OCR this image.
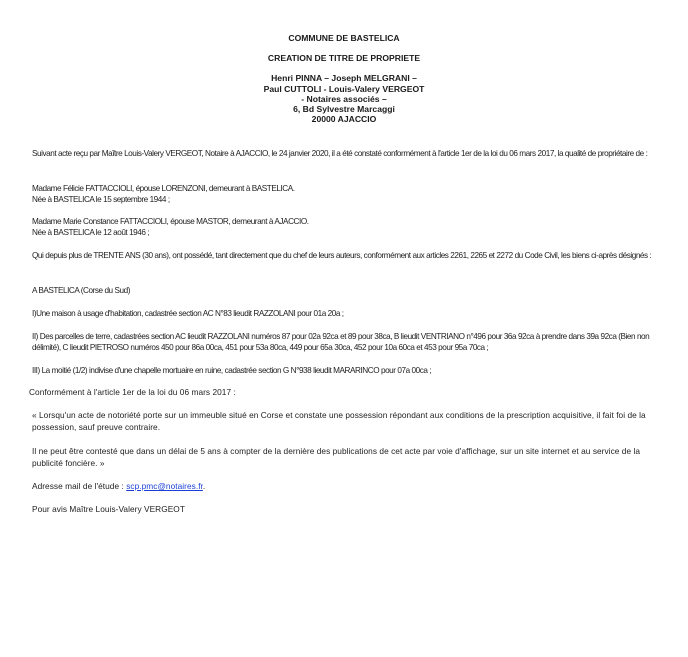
COMMUNE DE BASTELICA
CREATION DE TITRE DE PROPRIETE
Henri PINNA – Joseph MELGRANI –
Paul CUTTOLI - Louis-Valery VERGEOT
- Notaires associés –
6, Bd Sylvestre Marcaggi
20000 AJACCIO
Suivant acte reçu par Maître Louis-Valery VERGEOT, Notaire à AJACCIO, le 24 janvier 2020, il a été constaté conformément à l'article 1er de la loi du 06 mars 2017, la qualité de propriétaire de :
Madame Félicie FATTACCIOLI, épouse LORENZONI, demeurant à BASTELICA.
Née à BASTELICA le 15 septembre 1944 ;
Madame Marie Constance FATTACCIOLI, épouse MASTOR, demeurant à AJACCIO.
Née à BASTELICA le 12 août 1946 ;
Qui depuis plus de TRENTE ANS (30 ans), ont possédé, tant directement que du chef de leurs auteurs, conformément aux articles 2261, 2265 et 2272 du Code Civil, les biens ci-après désignés :
A BASTELICA (Corse du Sud)
I)Une maison à usage d'habitation, cadastrée section AC N°83 lieudit RAZZOLANI pour 01a 20a ;
II) Des parcelles de terre, cadastrées section AC lieudit RAZZOLANI numéros 87 pour 02a 92ca et 89 pour 38ca, B lieudit VENTRIANO n°496 pour 36a 92ca à prendre dans 39a 92ca (Bien non délimité), C lieudit PIETROSO numéros 450 pour 86a 00ca, 451 pour 53a 80ca, 449 pour 65a 30ca, 452 pour 10a 60ca et 453 pour 95a 70ca ;
III) La moitié (1/2) indivise d'une chapelle mortuaire en ruine, cadastrée section G N°938 lieudit MARARINCO pour 07a 00ca ;
Conformément à l'article 1er de la loi du 06 mars 2017 :
« Lorsqu'un acte de notoriété porte sur un immeuble situé en Corse et constate une possession répondant aux conditions de la prescription acquisitive, il fait foi de la possession, sauf preuve contraire.
Il ne peut être contesté que dans un délai de 5 ans à compter de la dernière des publications de cet acte par voie d'affichage, sur un site internet et au service de la publicité foncière. »
Adresse mail de l'étude : scp.pmc@notaires.fr.
Pour avis Maître Louis-Valery VERGEOT
